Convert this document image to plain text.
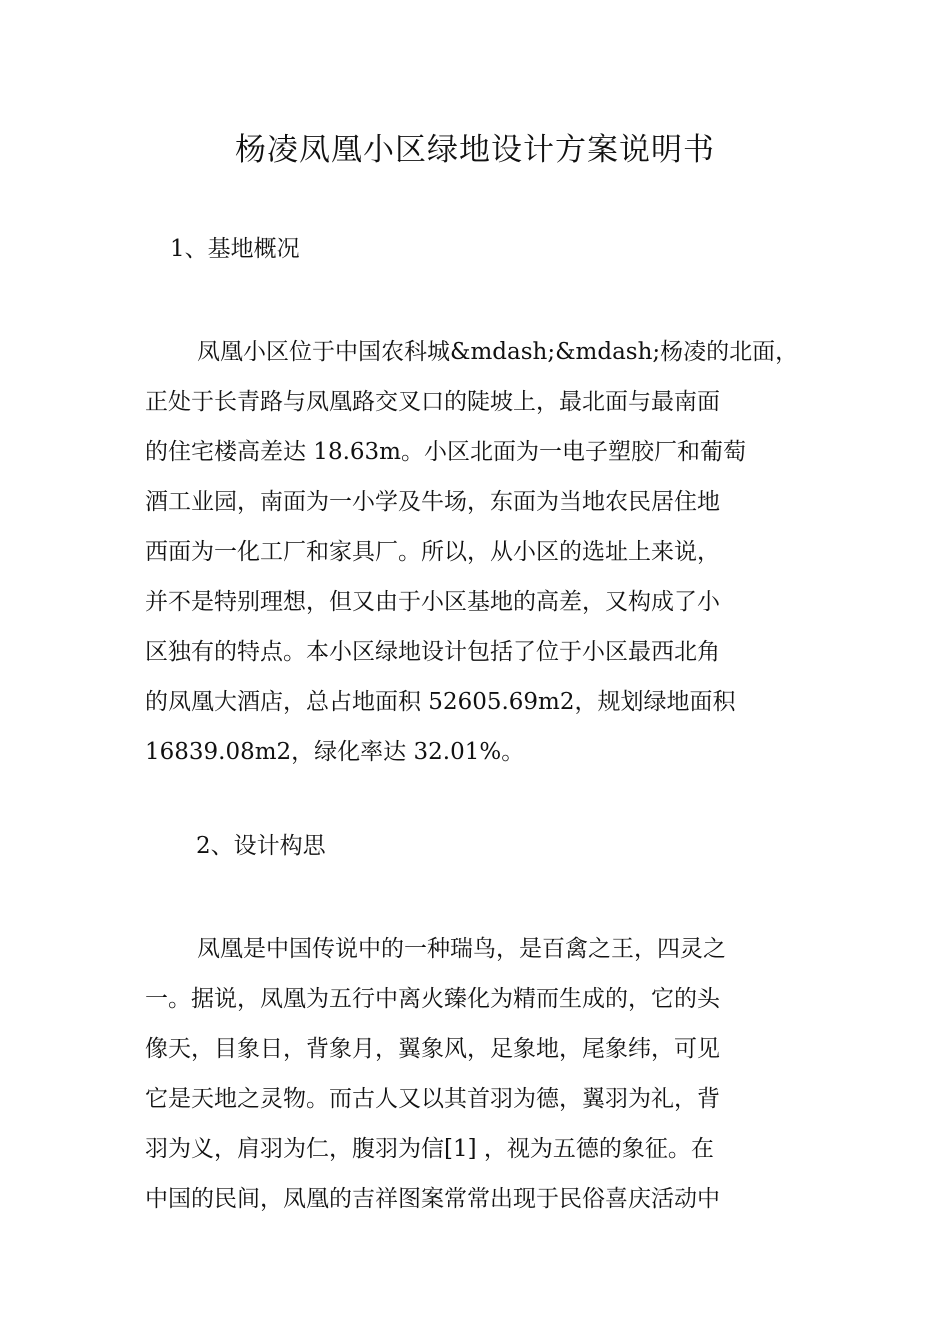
杨凌凤凰小区绿地设计方案说明书
1、基地概况
凤凰小区位于中国农科城&mdash;&mdash;杨凌的北面，
正处于长青路与凤凰路交叉口的陡坡上，最北面与最南面
的住宅楼高差达 18.63m。小区北面为一电子塑胶厂和葡萄
酒工业园，南面为一小学及牛场，东面为当地农民居住地
西面为一化工厂和家具厂。所以，从小区的选址上来说，
并不是特别理想，但又由于小区基地的高差，又构成了小
区独有的特点。本小区绿地设计包括了位于小区最西北角
的凤凰大酒店，总占地面积 52605.69m2，规划绿地面积
16839.08m2，绿化率达 32.01%。
2、设计构思
凤凰是中国传说中的一种瑞鸟，是百禽之王，四灵之
一。据说，凤凰为五行中离火臻化为精而生成的，它的头
像天，目象日，背象月，翼象风，足象地，尾象纬，可见
它是天地之灵物。而古人又以其首羽为德，翼羽为礼，背
羽为义，肩羽为仁，腹羽为信[1] ，视为五德的象征。在
中国的民间，凤凰的吉祥图案常常出现于民俗喜庆活动中
